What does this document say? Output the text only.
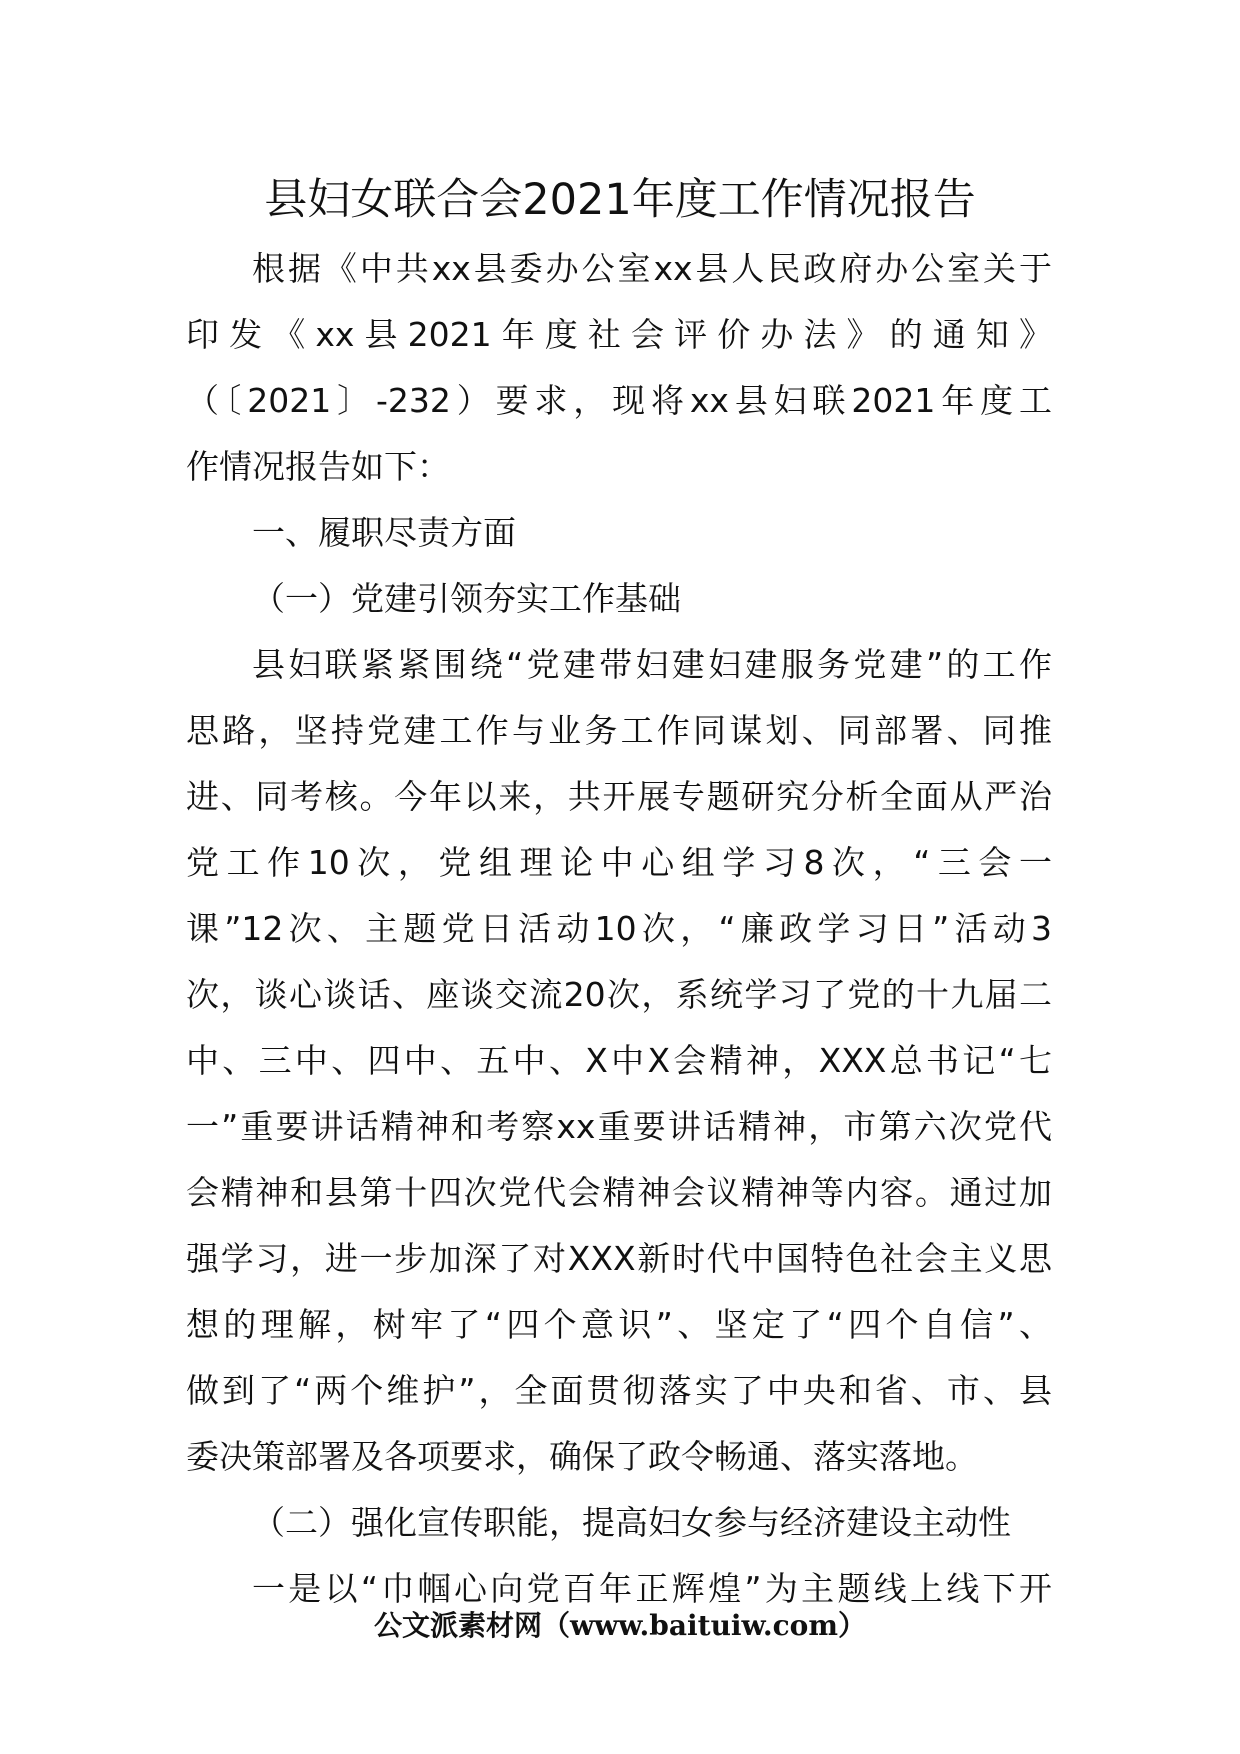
县妇女联合会2021年度工作情况报告
根据《中共xx县委办公室xx县人民政府办公室关于
印发《xx县2021年度社会评价办法》的通知》
（〔2021〕-232）要求，现将xx县妇联2021年度工
作情况报告如下：
一、履职尽责方面
（一）党建引领夯实工作基础
县妇联紧紧围绕“党建带妇建妇建服务党建”的工作
思路，坚持党建工作与业务工作同谋划、同部署、同推
进、同考核。今年以来，共开展专题研究分析全面从严治
党工作10次，党组理论中心组学习8次，“三会一
课”12次、主题党日活动10次，“廉政学习日”活动3
次，谈心谈话、座谈交流20次，系统学习了党的十九届二
中、三中、四中、五中、X中X会精神，XXX总书记“七
一”重要讲话精神和考察xx重要讲话精神，市第六次党代
会精神和县第十四次党代会精神会议精神等内容。通过加
强学习，进一步加深了对XXX新时代中国特色社会主义思
想的理解，树牢了“四个意识”、坚定了“四个自信”、
做到了“两个维护”，全面贯彻落实了中央和省、市、县
委决策部署及各项要求，确保了政令畅通、落实落地。
（二）强化宣传职能，提高妇女参与经济建设主动性
一是以“巾帼心向党百年正辉煌”为主题线上线下开
公文派素材网（www.baituiw.com）
